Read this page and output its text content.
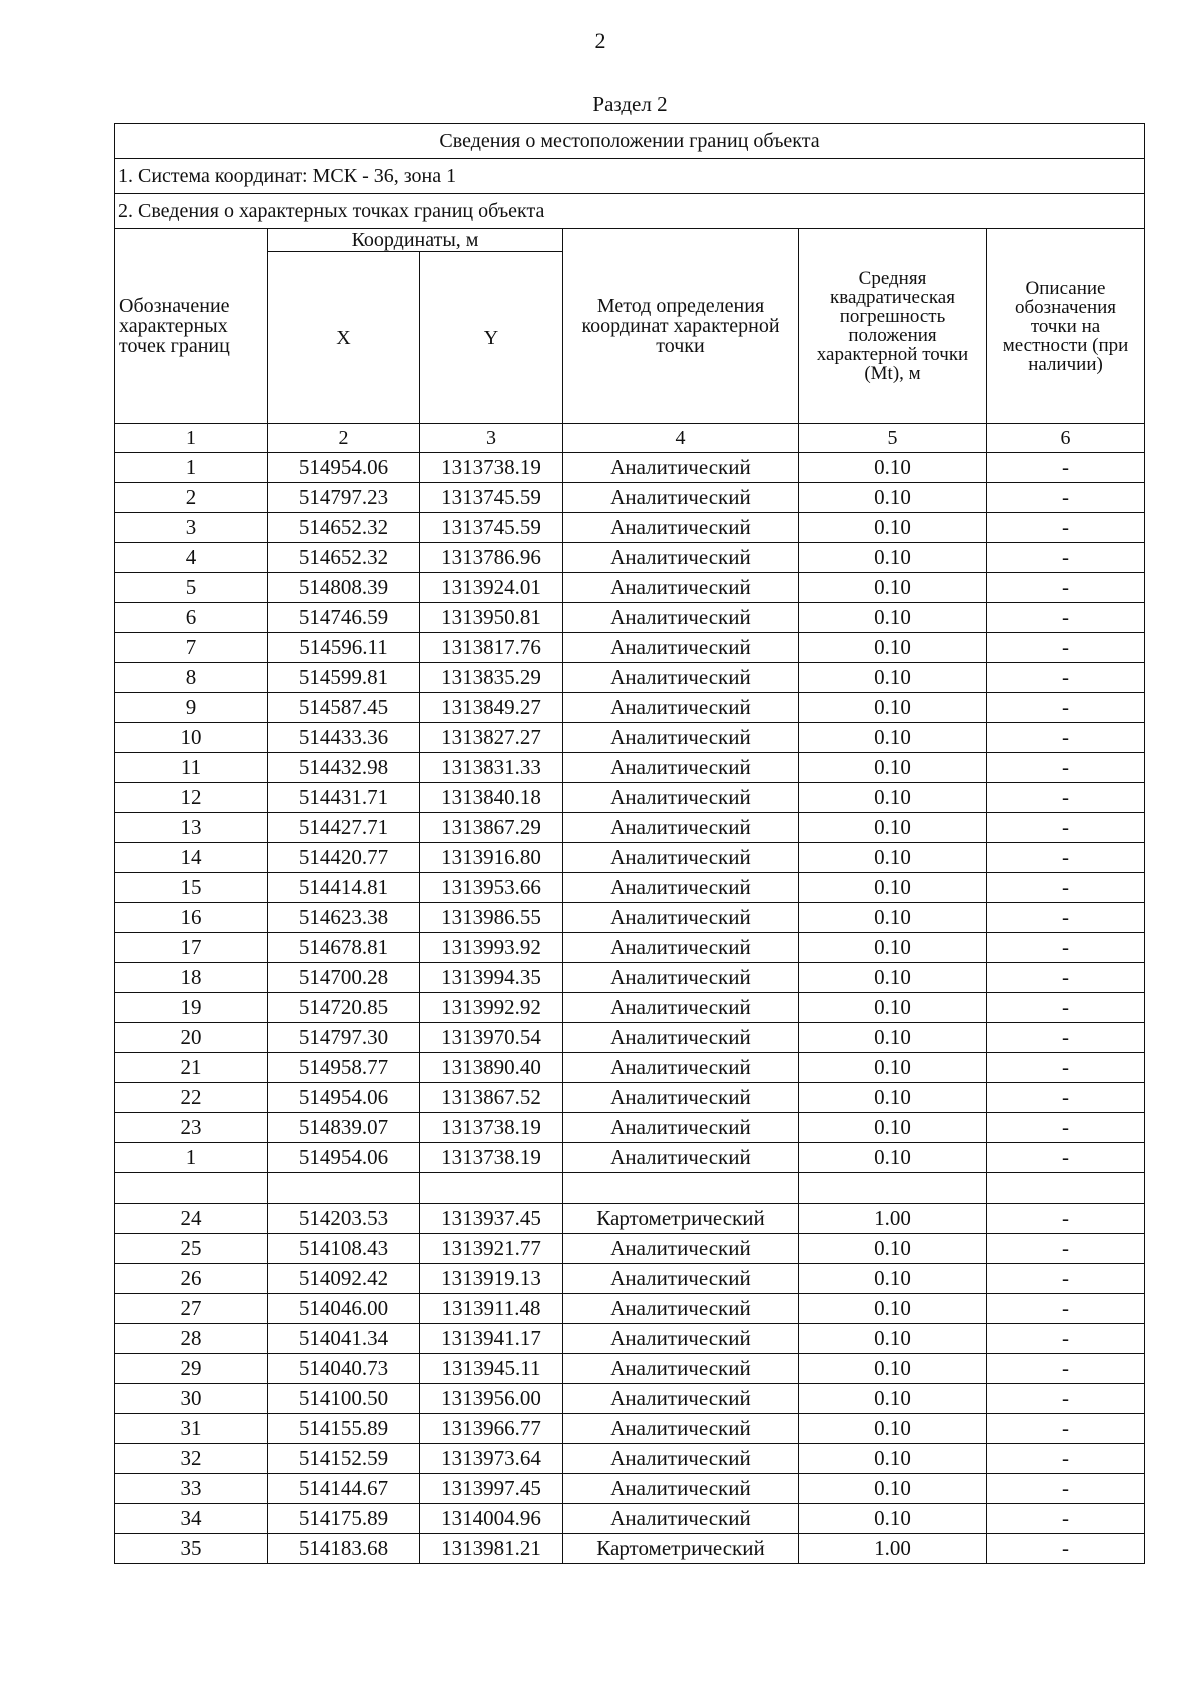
2
Раздел 2
Сведения о местоположении границ объекта					
1. Система координат: МСК - 36, зона 1					
2. Сведения о характерных точках границ объекта					
Обозначение характерных точек границ	Координаты, м		Метод определения координат характерной точки	Средняя квадратическая погрешность положения характерной точки (Mt), м	Описание обозначения точки на местности (при наличии)
	X	Y			
1	2	3	4	5	6
1	514954.06	1313738.19	Аналитический	0.10	-
2	514797.23	1313745.59	Аналитический	0.10	-
3	514652.32	1313745.59	Аналитический	0.10	-
4	514652.32	1313786.96	Аналитический	0.10	-
5	514808.39	1313924.01	Аналитический	0.10	-
6	514746.59	1313950.81	Аналитический	0.10	-
7	514596.11	1313817.76	Аналитический	0.10	-
8	514599.81	1313835.29	Аналитический	0.10	-
9	514587.45	1313849.27	Аналитический	0.10	-
10	514433.36	1313827.27	Аналитический	0.10	-
11	514432.98	1313831.33	Аналитический	0.10	-
12	514431.71	1313840.18	Аналитический	0.10	-
13	514427.71	1313867.29	Аналитический	0.10	-
14	514420.77	1313916.80	Аналитический	0.10	-
15	514414.81	1313953.66	Аналитический	0.10	-
16	514623.38	1313986.55	Аналитический	0.10	-
17	514678.81	1313993.92	Аналитический	0.10	-
18	514700.28	1313994.35	Аналитический	0.10	-
19	514720.85	1313992.92	Аналитический	0.10	-
20	514797.30	1313970.54	Аналитический	0.10	-
21	514958.77	1313890.40	Аналитический	0.10	-
22	514954.06	1313867.52	Аналитический	0.10	-
23	514839.07	1313738.19	Аналитический	0.10	-
1	514954.06	1313738.19	Аналитический	0.10	-

24	514203.53	1313937.45	Картометрический	1.00	-
25	514108.43	1313921.77	Аналитический	0.10	-
26	514092.42	1313919.13	Аналитический	0.10	-
27	514046.00	1313911.48	Аналитический	0.10	-
28	514041.34	1313941.17	Аналитический	0.10	-
29	514040.73	1313945.11	Аналитический	0.10	-
30	514100.50	1313956.00	Аналитический	0.10	-
31	514155.89	1313966.77	Аналитический	0.10	-
32	514152.59	1313973.64	Аналитический	0.10	-
33	514144.67	1313997.45	Аналитический	0.10	-
34	514175.89	1314004.96	Аналитический	0.10	-
35	514183.68	1313981.21	Картометрический	1.00	-
